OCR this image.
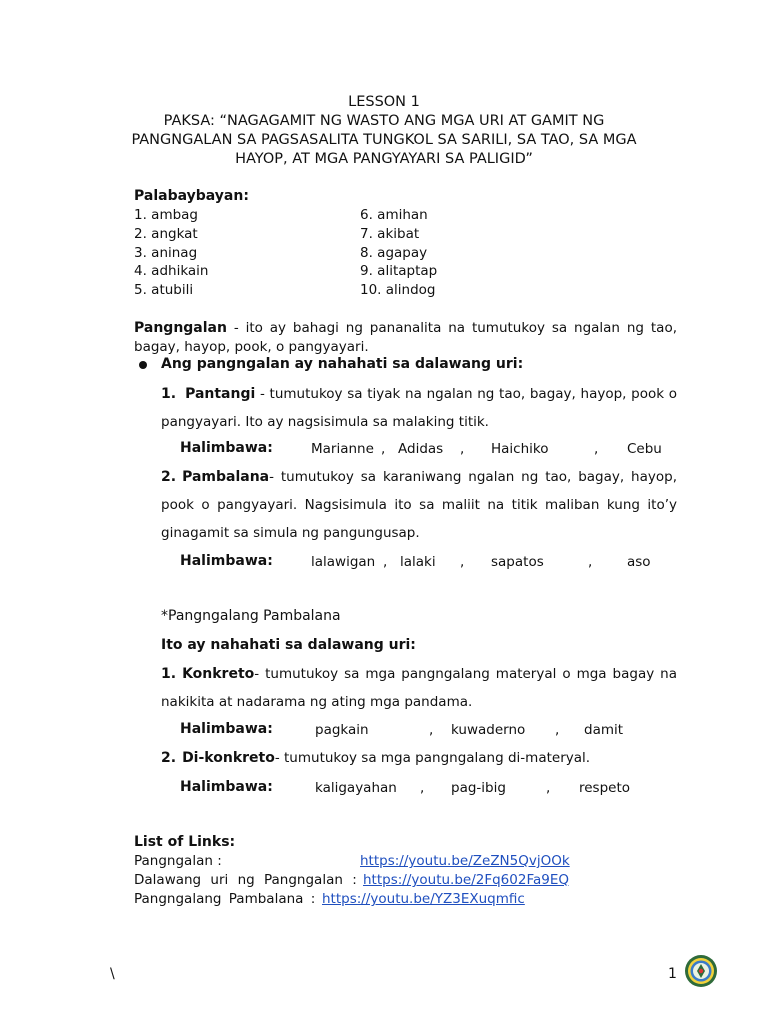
LESSON 1
PAKSA: “NAGAGAMIT NG WASTO ANG MGA URI AT GAMIT NG
PANGNGALAN SA PAGSASALITA TUNGKOL SA SARILI, SA TAO, SA MGA
HAYOP, AT MGA PANGYAYARI SA PALIGID”
Palabaybayan:
1. ambag
2. angkat
3. aninag
4. adhikain
5. atubili
6. amihan
7. akibat
8. agapay
9. alitaptap
10. alindog
Pangngalan - ito ay bahagi ng pananalita na tumutukoy sa ngalan ng tao,
bagay, hayop, pook, o pangyayari.
Ang pangngalan ay nahahati sa dalawang uri:
1. Pantangi - tumutukoy sa tiyak na ngalan ng tao, bagay, hayop, pook o
pangyayari. Ito ay nagsisimula sa malaking titik.
Halimbawa:	Marianne , Adidas , Haichiko	, Cebu
2. Pambalana- tumutukoy sa karaniwang ngalan ng tao, bagay, hayop,
pook o pangyayari. Nagsisimula ito sa maliit na titik maliban kung ito’y
ginagamit sa simula ng pangungusap.
Halimbawa:	lalawigan , lalaki , sapatos	,	aso
*Pangngalang Pambalana
Ito ay nahahati sa dalawang uri:
1. Konkreto- tumutukoy sa mga pangngalang materyal o mga bagay na
nakikita at nadarama ng ating mga pandama.
Halimbawa:	pagkain	, kuwaderno , damit
2. Di-konkreto- tumutukoy sa mga pangngalang di-materyal.
Halimbawa:	kaligayahan , pag-ibig	, respeto
List of Links:
Pangngalan :	https://youtu.be/ZeZN5QvjOOk
Dalawang uri ng Pangngalan : https://youtu.be/2Fq602Fa9EQ
Pangngalang Pambalana : https://youtu.be/YZ3EXuqmfic
\	1
